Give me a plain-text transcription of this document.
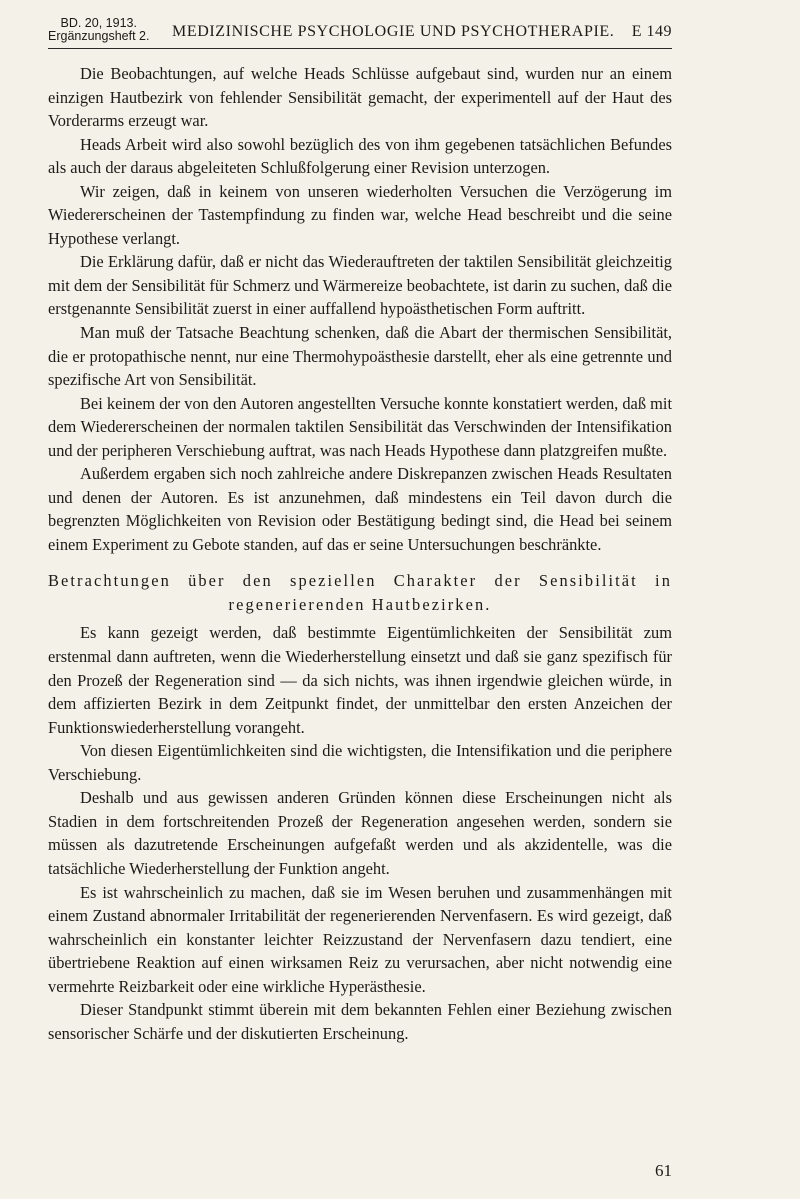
BD. 20, 1913.
Ergänzungsheft 2. MEDIZINISCHE PSYCHOLOGIE UND PSYCHOTHERAPIE. E 149

Die Beobachtungen, auf welche Heads Schlüsse aufgebaut sind, wurden nur an einem einzigen Hautbezirk von fehlender Sensibilität gemacht, der experimentell auf der Haut des Vorderarms erzeugt war.

Heads Arbeit wird also sowohl bezüglich des von ihm gegebenen tatsächlichen Befundes als auch der daraus abgeleiteten Schlußfolgerung einer Revision unterzogen.

Wir zeigen, daß in keinem von unseren wiederholten Versuchen die Verzögerung im Wiedererscheinen der Tastempfindung zu finden war, welche Head beschreibt und die seine Hypothese verlangt.

Die Erklärung dafür, daß er nicht das Wiederauftreten der taktilen Sensibilität gleichzeitig mit dem der Sensibilität für Schmerz und Wärmereize beobachtete, ist darin zu suchen, daß die erstgenannte Sensibilität zuerst in einer auffallend hypoästhetischen Form auftritt.

Man muß der Tatsache Beachtung schenken, daß die Abart der thermischen Sensibilität, die er protopathische nennt, nur eine Thermohypoästhesie darstellt, eher als eine getrennte und spezifische Art von Sensibilität.

Bei keinem der von den Autoren angestellten Versuche konnte konstatiert werden, daß mit dem Wiedererscheinen der normalen taktilen Sensibilität das Verschwinden der Intensifikation und der peripheren Verschiebung auftrat, was nach Heads Hypothese dann platzgreifen mußte.

Außerdem ergaben sich noch zahlreiche andere Diskrepanzen zwischen Heads Resultaten und denen der Autoren. Es ist anzunehmen, daß mindestens ein Teil davon durch die begrenzten Möglichkeiten von Revision oder Bestätigung bedingt sind, die Head bei seinem einem Experiment zu Gebote standen, auf das er seine Untersuchungen beschränkte.

Betrachtungen über den speziellen Charakter der Sensibilität in
regenerierenden Hautbezirken.

Es kann gezeigt werden, daß bestimmte Eigentümlichkeiten der Sensibilität zum erstenmal dann auftreten, wenn die Wiederherstellung einsetzt und daß sie ganz spezifisch für den Prozeß der Regeneration sind — da sich nichts, was ihnen irgendwie gleichen würde, in dem affizierten Bezirk in dem Zeitpunkt findet, der unmittelbar den ersten Anzeichen der Funktionswiederherstellung vorangeht.

Von diesen Eigentümlichkeiten sind die wichtigsten, die Intensifikation und die periphere Verschiebung.

Deshalb und aus gewissen anderen Gründen können diese Erscheinungen nicht als Stadien in dem fortschreitenden Prozeß der Regeneration angesehen werden, sondern sie müssen als dazutretende Erscheinungen aufgefaßt werden und als akzidentelle, was die tatsächliche Wiederherstellung der Funktion angeht.

Es ist wahrscheinlich zu machen, daß sie im Wesen beruhen und zusammenhängen mit einem Zustand abnormaler Irritabilität der regenerierenden Nervenfasern. Es wird gezeigt, daß wahrscheinlich ein konstanter leichter Reizzustand der Nervenfasern dazu tendiert, eine übertriebene Reaktion auf einen wirksamen Reiz zu verursachen, aber nicht notwendig eine vermehrte Reizbarkeit oder eine wirkliche Hyperästhesie.

Dieser Standpunkt stimmt überein mit dem bekannten Fehlen einer Beziehung zwischen sensorischer Schärfe und der diskutierten Erscheinung.

61
